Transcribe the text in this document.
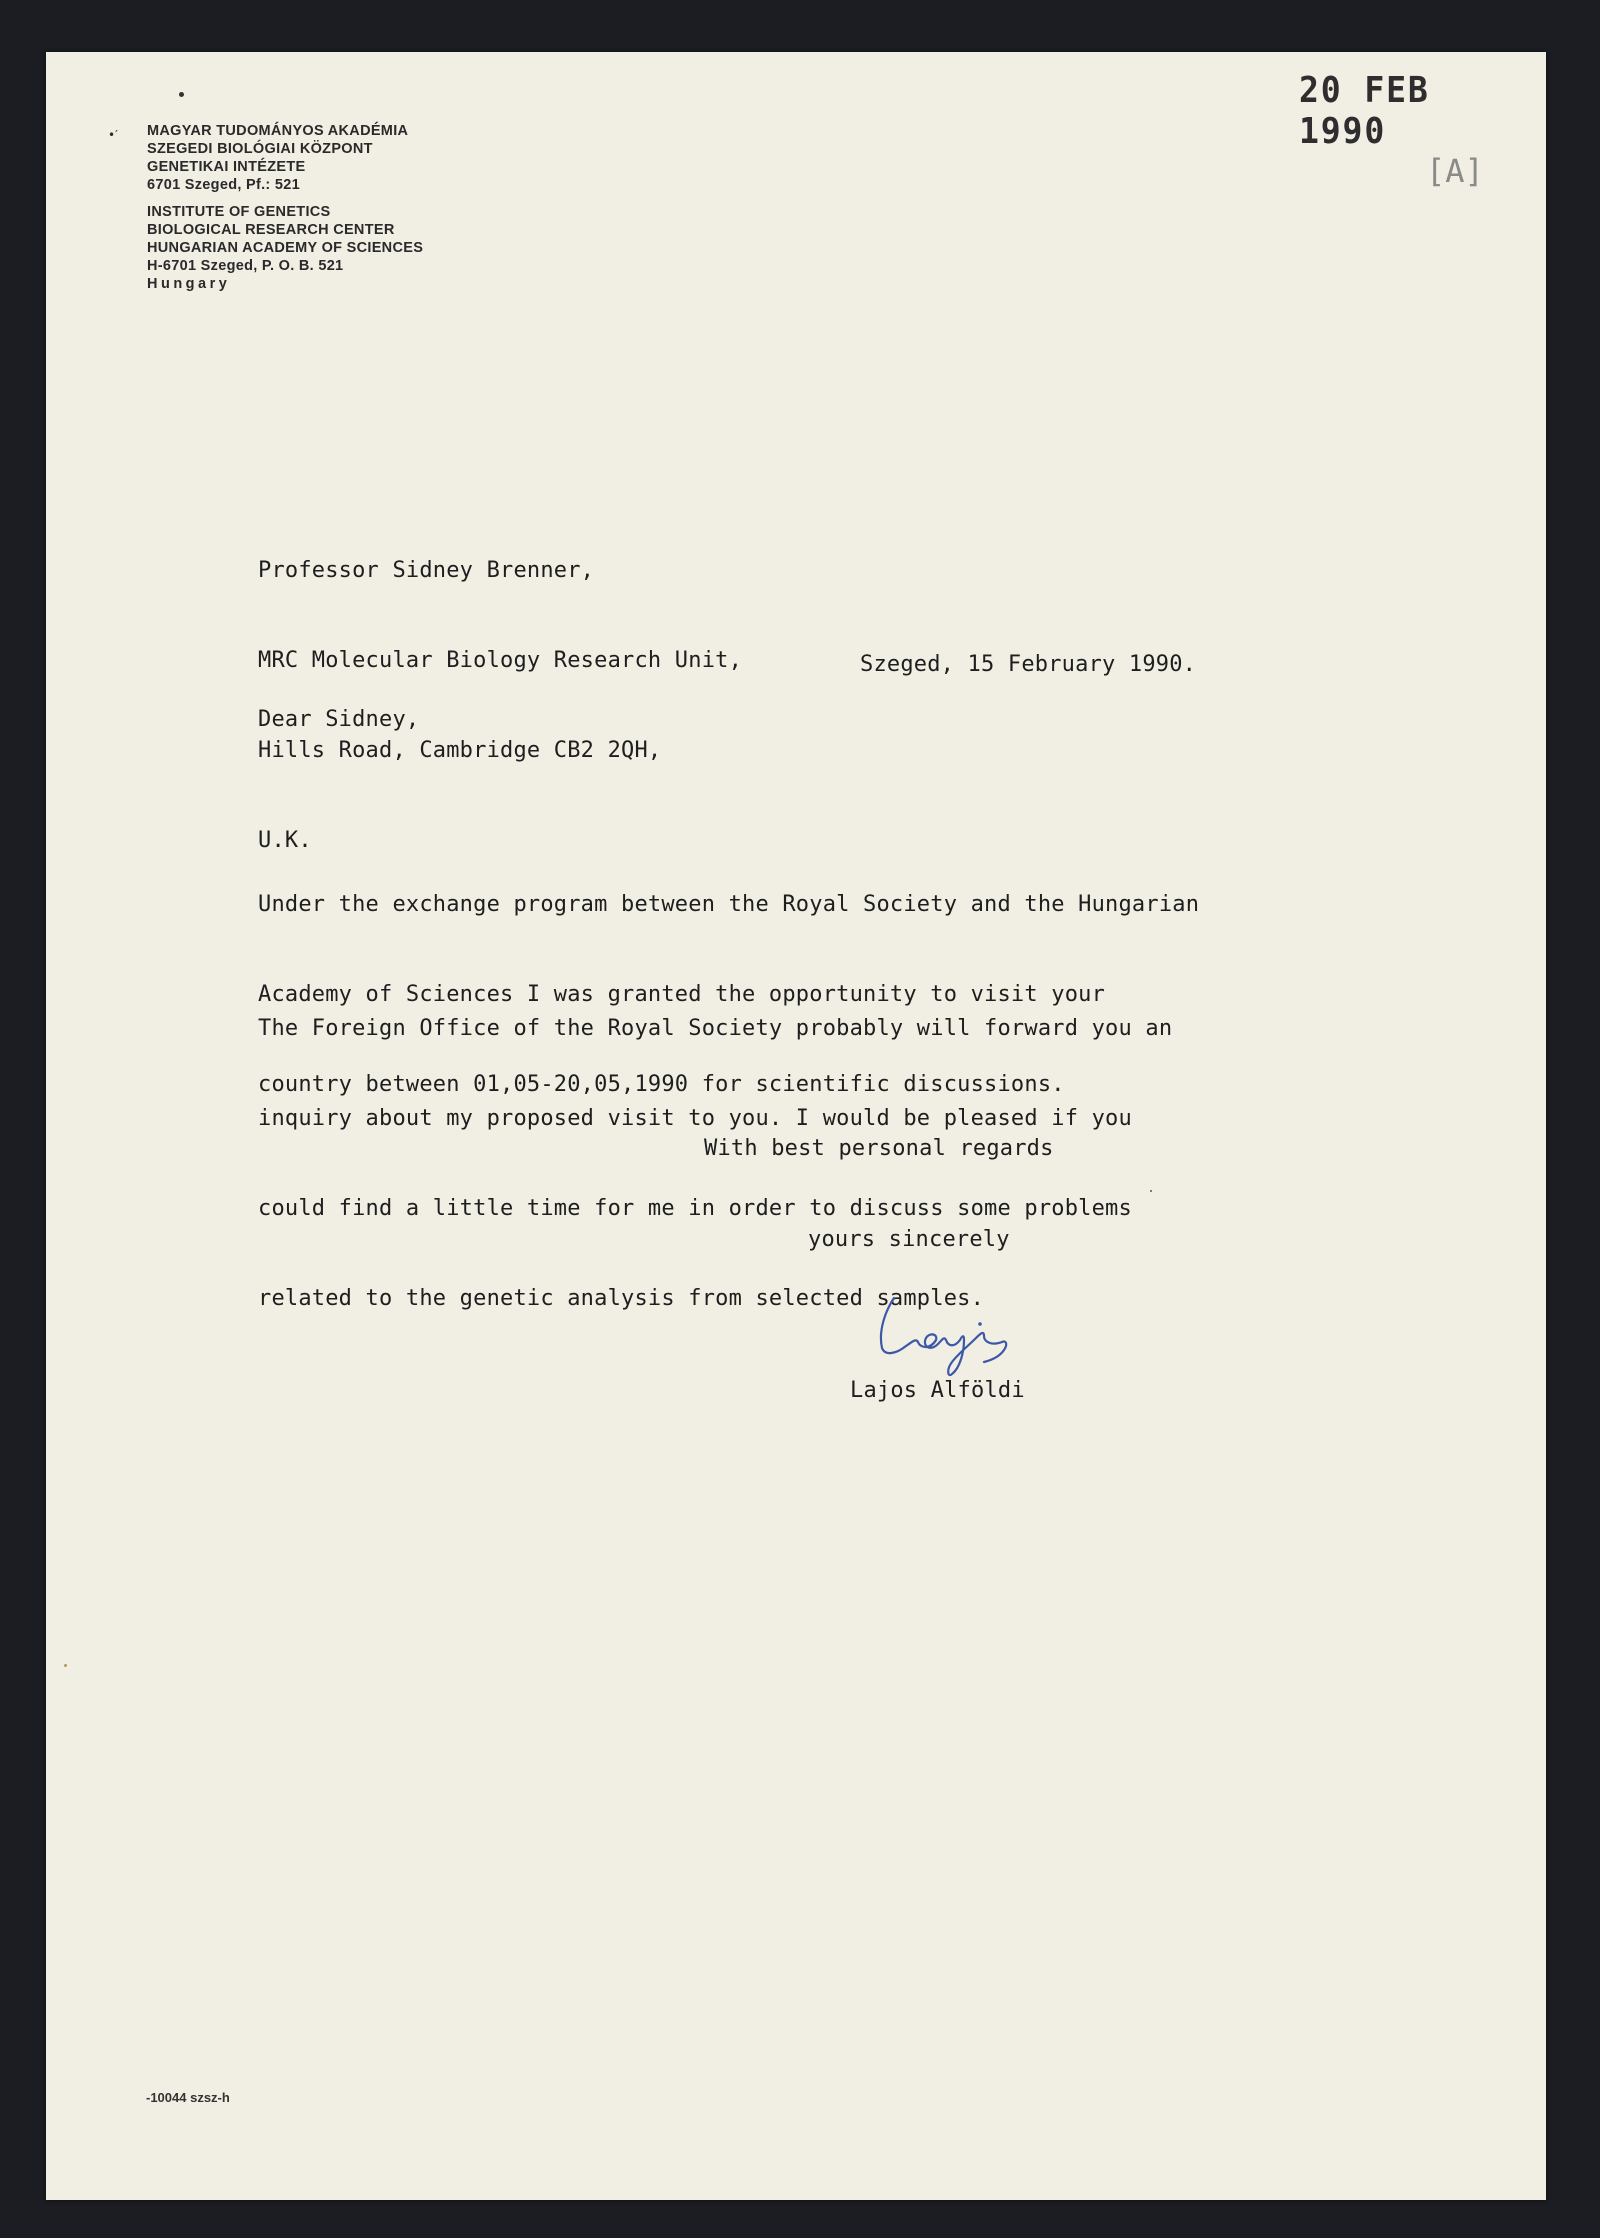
•′ MAGYAR TUDOMÁNYOS AKADÉMIA
SZEGEDI BIOLÓGIAI KÖZPONT
GENETIKAI INTÉZETE
6701 Szeged, Pf.: 521
INSTITUTE OF GENETICS
BIOLOGICAL RESEARCH CENTER
HUNGARIAN ACADEMY OF SCIENCES
H-6701 Szeged, P. O. B. 521
Hungary
20 FEB 1990
[A]

Professor Sidney Brenner,

MRC Molecular Biology Research Unit,

Hills Road, Cambridge CB2 2QH,

U.K.

Szeged, 15 February 1990.
Dear Sidney,

Under the exchange program between the Royal Society and the Hungarian

Academy of Sciences I was granted the opportunity to visit your

country between 01,05-20,05,1990 for scientific discussions.

The Foreign Office of the Royal Society probably will forward you an

inquiry about my proposed visit to you. I would be pleased if you

could find a little time for me in order to discuss some problems

related to the genetic analysis from selected samples.

With best personal regards
yours sincerely
Lajos Alföldi
-10044 szsz-h
